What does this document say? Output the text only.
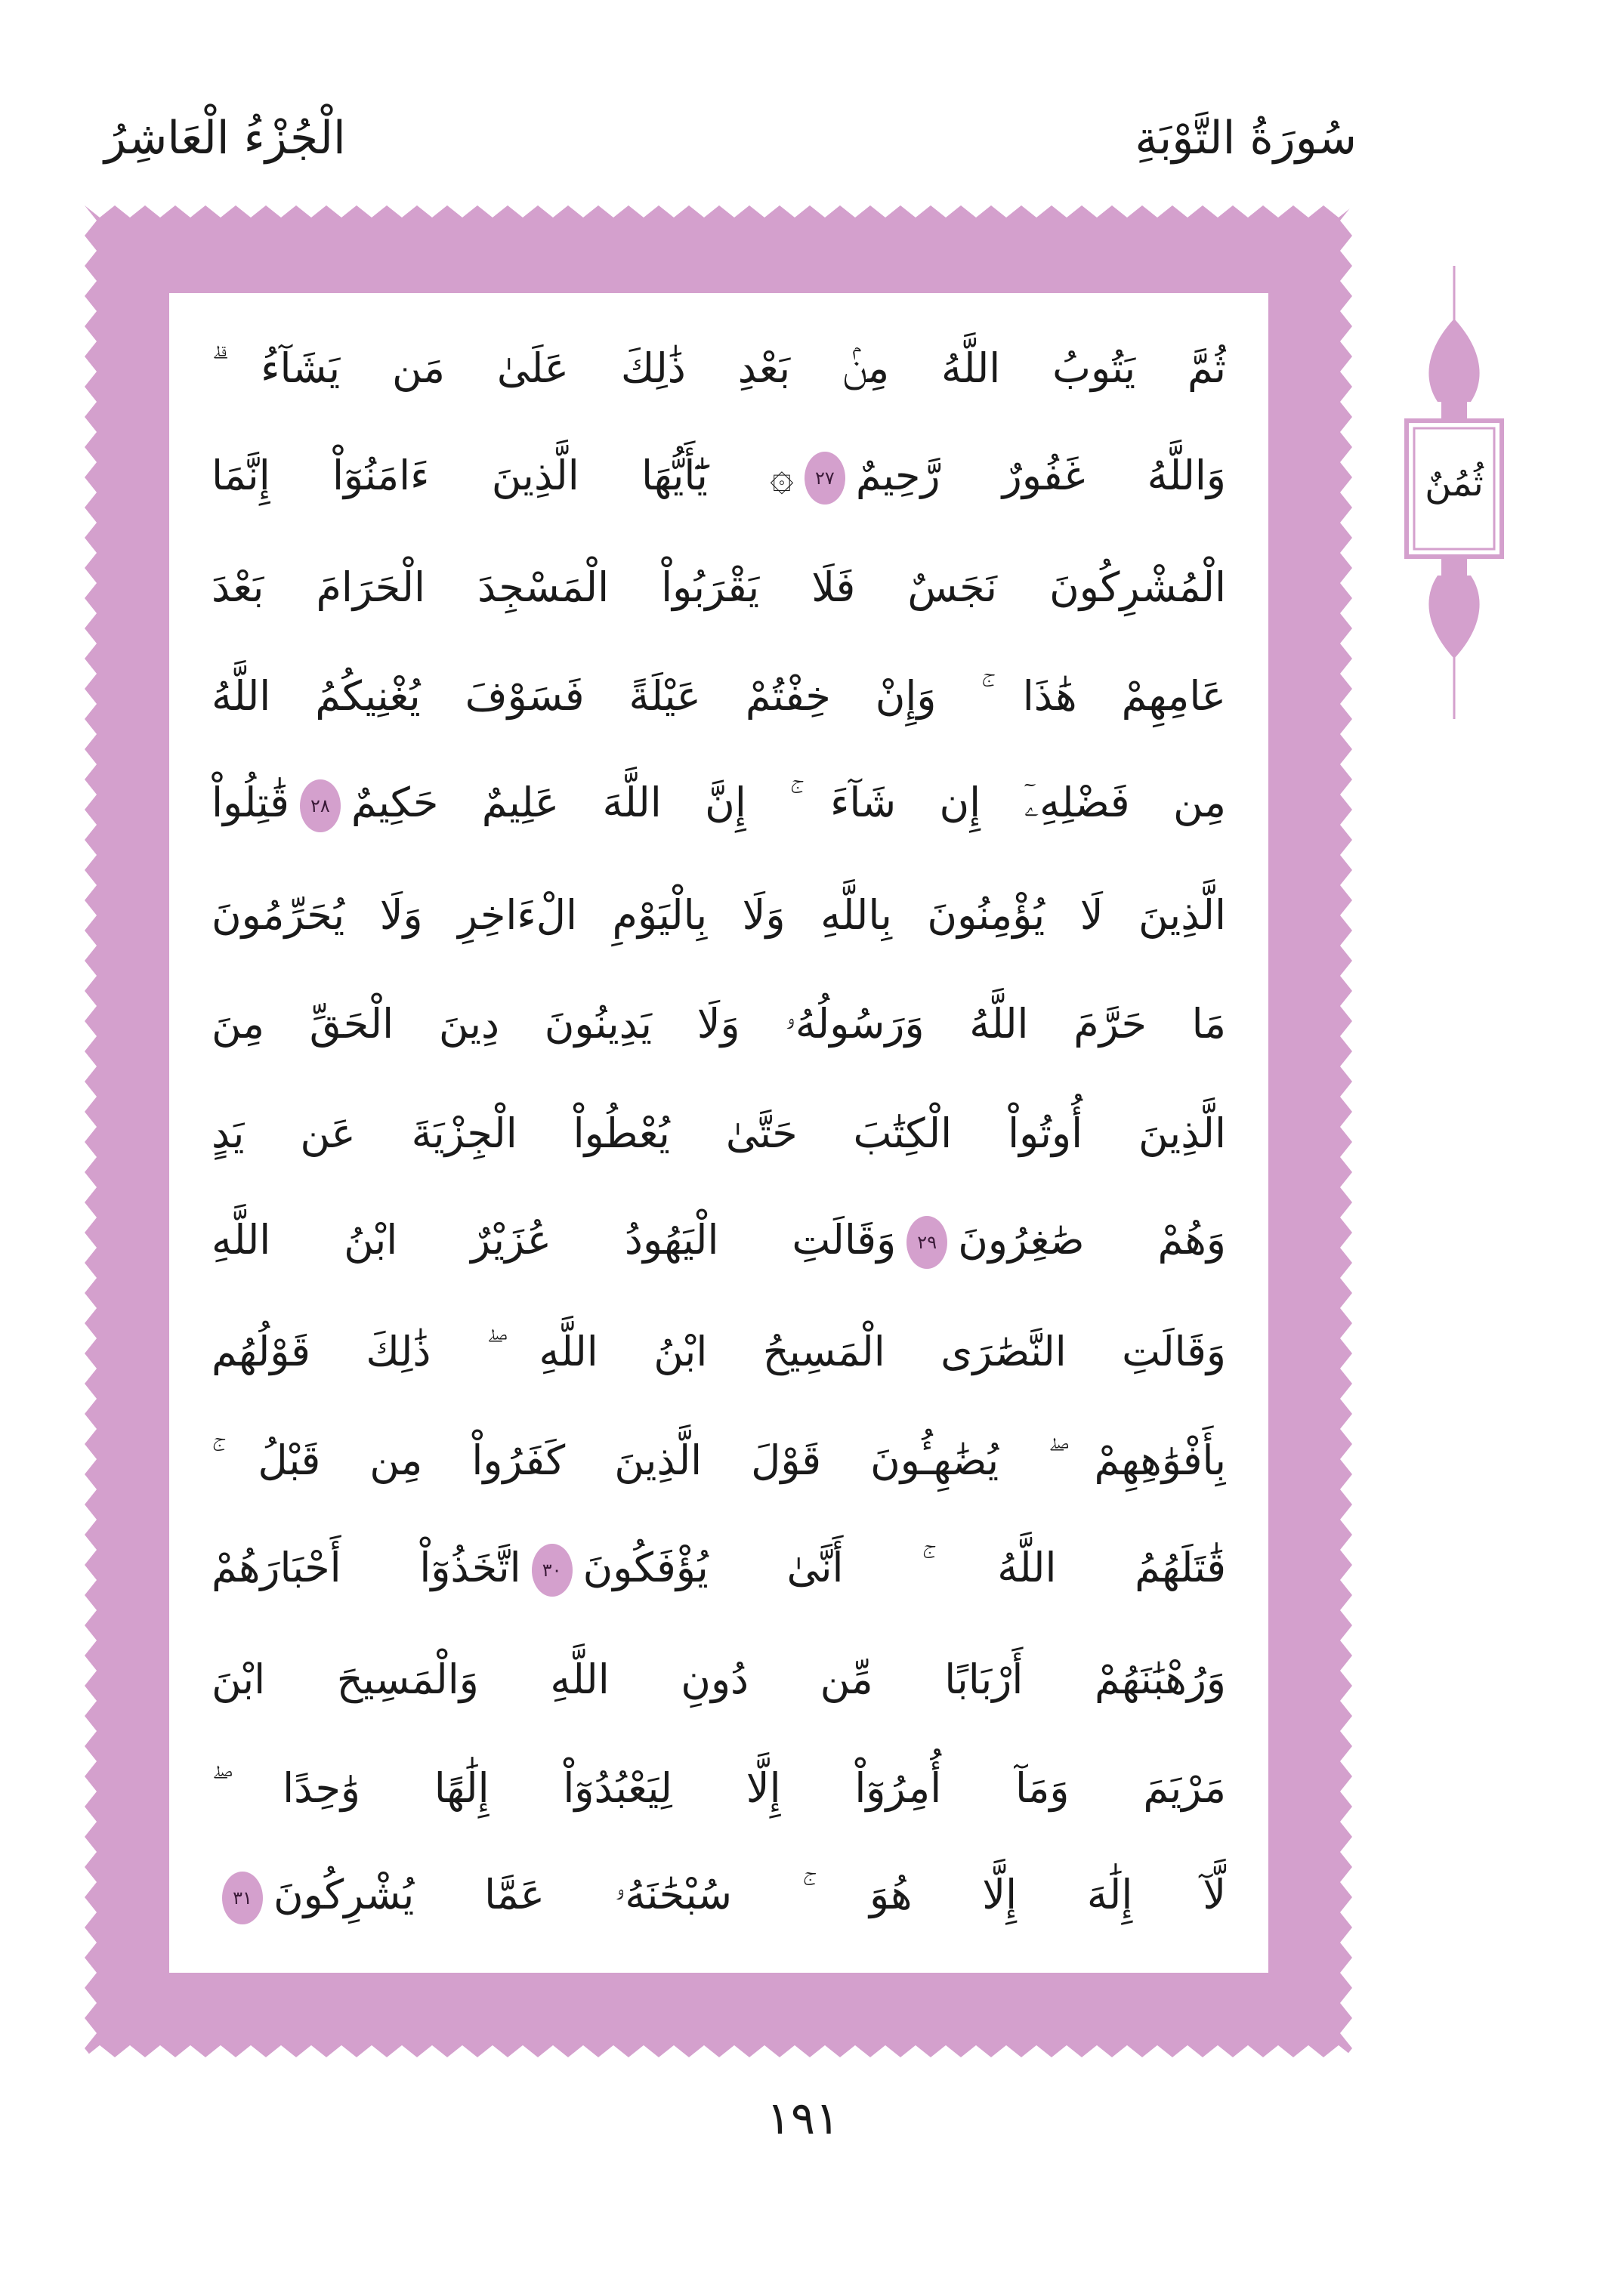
سُورَةُ التَّوْبَةِ
الْجُزْءُ الْعَاشِرُ
ثُمَّ يَتُوبُ اللَّهُ مِنۢ بَعْدِ ذَٰلِكَ عَلَىٰ مَن يَشَآءُ ۗ
وَاللَّهُ غَفُورٌ رَّحِيمٌ٢٧۞ يَٰٓأَيُّهَا الَّذِينَ ءَامَنُوٓاْ إِنَّمَا
الْمُشْرِكُونَ نَجَسٌ فَلَا يَقْرَبُواْ الْمَسْجِدَ الْحَرَامَ بَعْدَ
عَامِهِمْ هَٰذَا ۚ وَإِنْ خِفْتُمْ عَيْلَةً فَسَوْفَ يُغْنِيكُمُ اللَّهُ
مِن فَضْلِهِۦٓ إِن شَآءَ ۚ إِنَّ اللَّهَ عَلِيمٌ حَكِيمٌ٢٨قَٰتِلُواْ
الَّذِينَ لَا يُؤْمِنُونَ بِاللَّهِ وَلَا بِالْيَوْمِ الْءَاخِرِ وَلَا يُحَرِّمُونَ
مَا حَرَّمَ اللَّهُ وَرَسُولُهُۥ وَلَا يَدِينُونَ دِينَ الْحَقِّ مِنَ
الَّذِينَ أُوتُواْ الْكِتَٰبَ حَتَّىٰ يُعْطُواْ الْجِزْيَةَ عَن يَدٍ
وَهُمْ صَٰغِرُونَ٢٩وَقَالَتِ الْيَهُودُ عُزَيْرٌ ابْنُ اللَّهِ
وَقَالَتِ النَّصَٰرَى الْمَسِيحُ ابْنُ اللَّهِ ۖ ذَٰلِكَ قَوْلُهُم
بِأَفْوَٰهِهِمْ ۖ يُضَٰهِـُٔونَ قَوْلَ الَّذِينَ كَفَرُواْ مِن قَبْلُ ۚ
قَٰتَلَهُمُ اللَّهُ ۚ أَنَّىٰ يُؤْفَكُونَ٣٠اتَّخَذُوٓاْ أَحْبَارَهُمْ
وَرُهْبَٰنَهُمْ أَرْبَابًا مِّن دُونِ اللَّهِ وَالْمَسِيحَ ابْنَ
مَرْيَمَ وَمَآ أُمِرُوٓاْ إِلَّا لِيَعْبُدُوٓاْ إِلَٰهًا وَٰحِدًا ۖ
لَّآ إِلَٰهَ إِلَّا هُوَ ۚ سُبْحَٰنَهُۥ عَمَّا يُشْرِكُونَ٣١
ثُمُنٌ
١٩١
